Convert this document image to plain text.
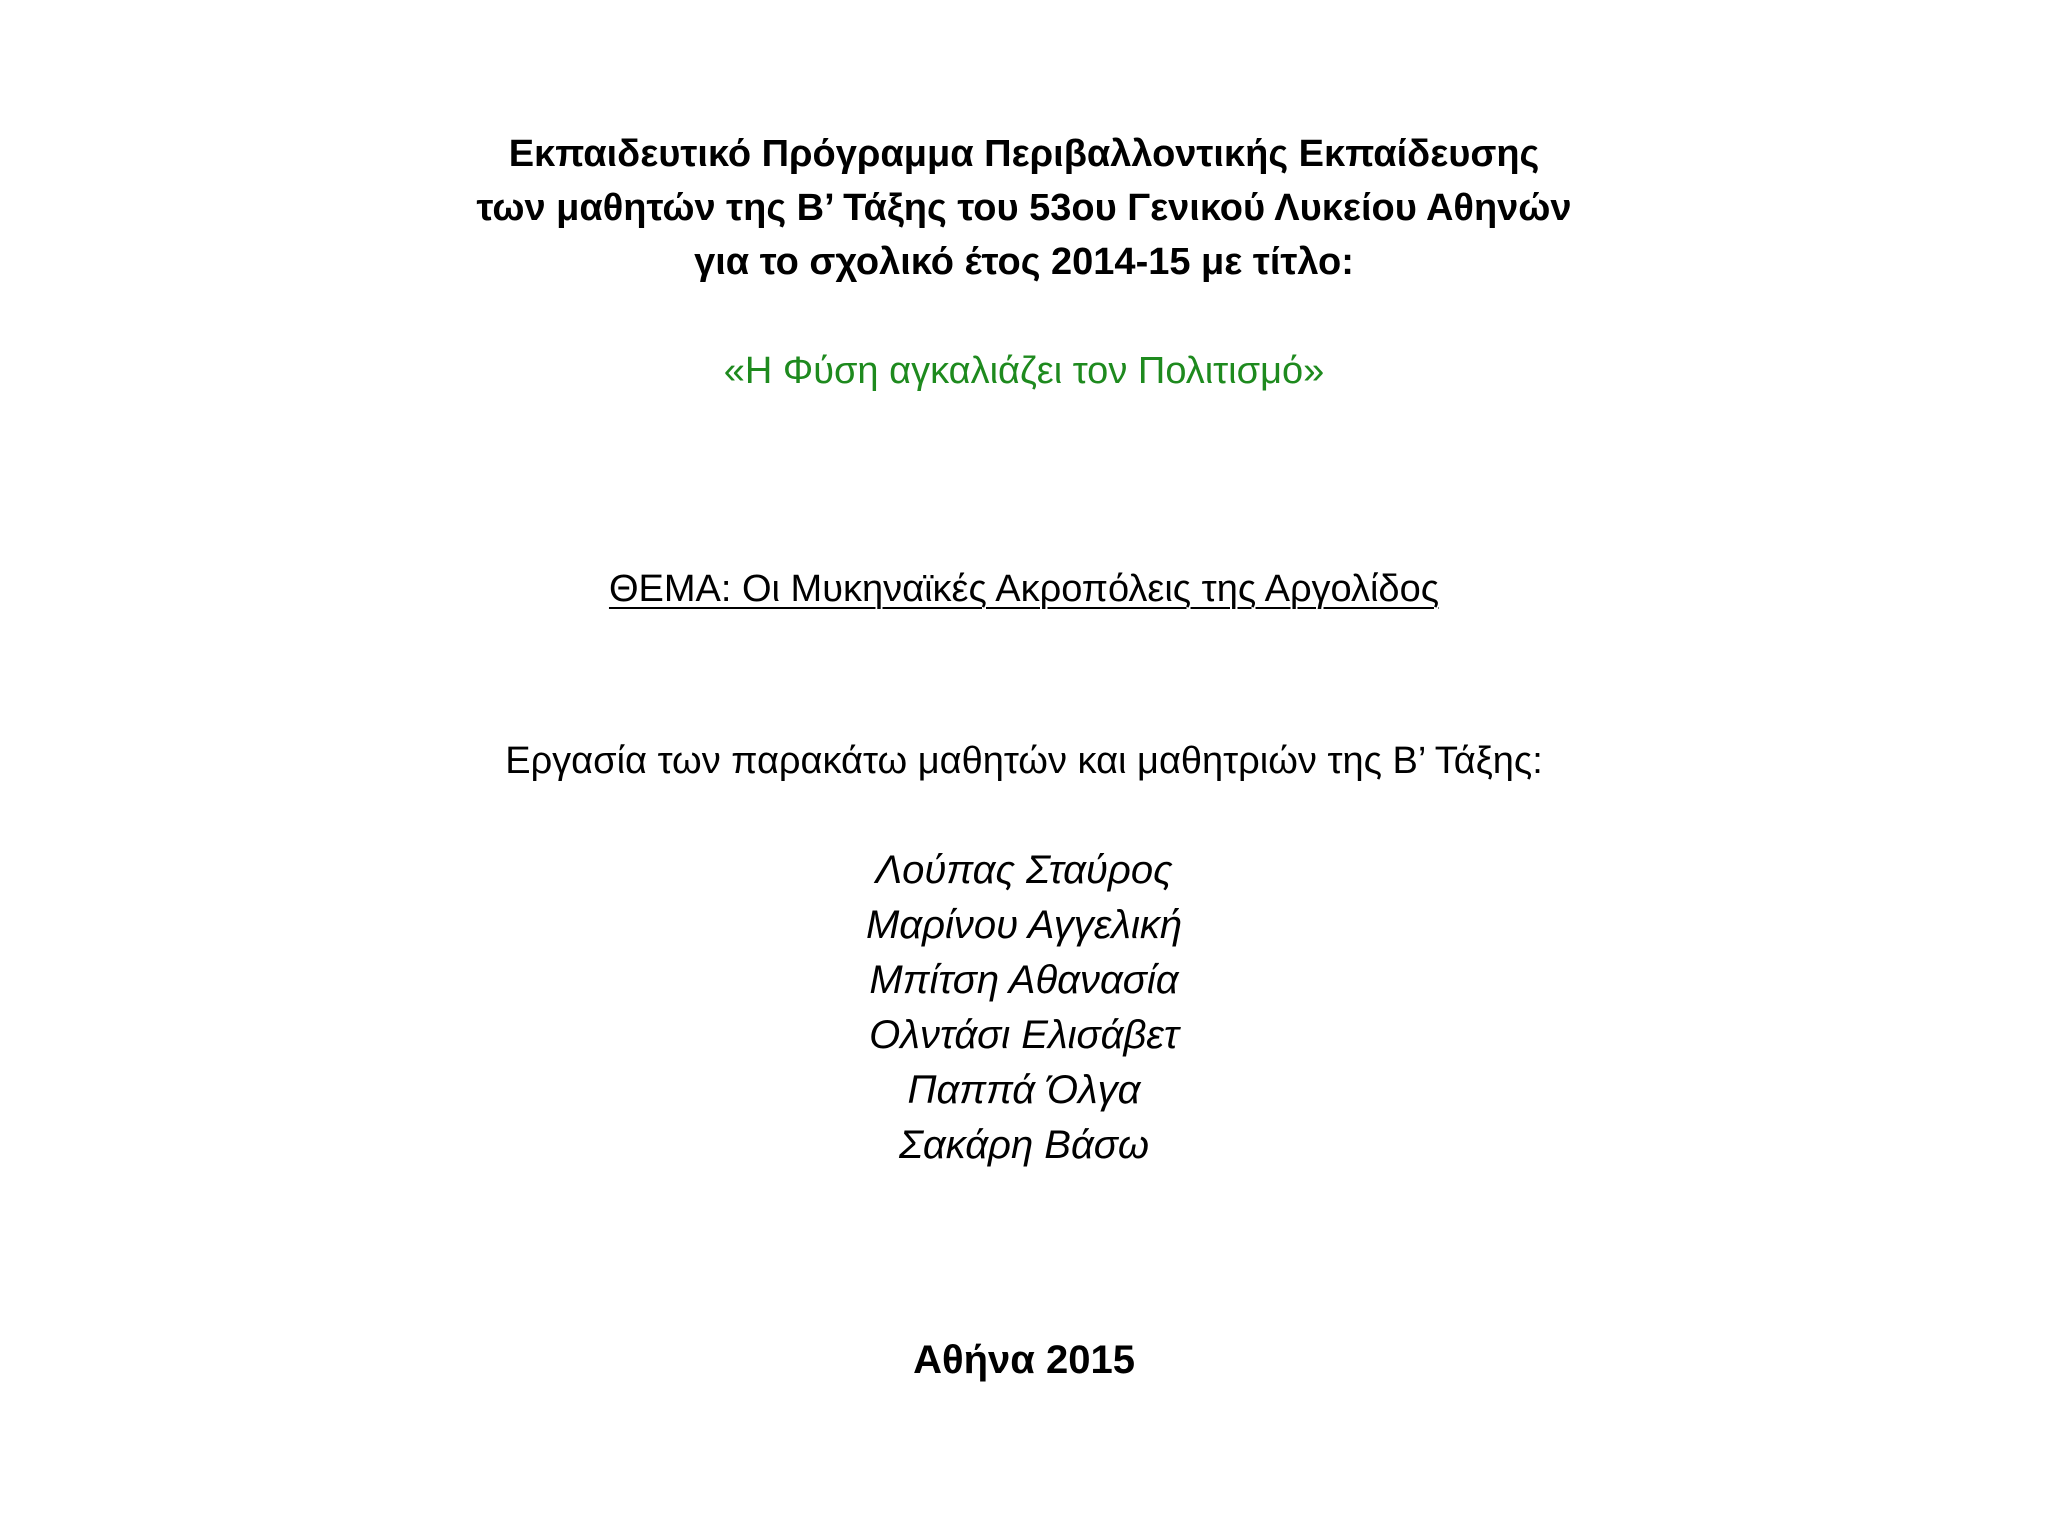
Εκπαιδευτικό Πρόγραμμα Περιβαλλοντικής Εκπαίδευσης
των μαθητών της Β’ Τάξης του 53ου Γενικού Λυκείου Αθηνών
για το σχολικό έτος 2014-15 με τίτλο:
«Η Φύση αγκαλιάζει τον Πολιτισμό»
ΘΕΜΑ: Οι Μυκηναϊκές Ακροπόλεις της Αργολίδος
Εργασία των παρακάτω μαθητών και μαθητριών της Β’ Τάξης:
Λούπας Σταύρος
Μαρίνου Αγγελική
Μπίτση Αθανασία
Ολντάσι Ελισάβετ
Παππά Όλγα
Σακάρη Βάσω
Αθήνα 2015
